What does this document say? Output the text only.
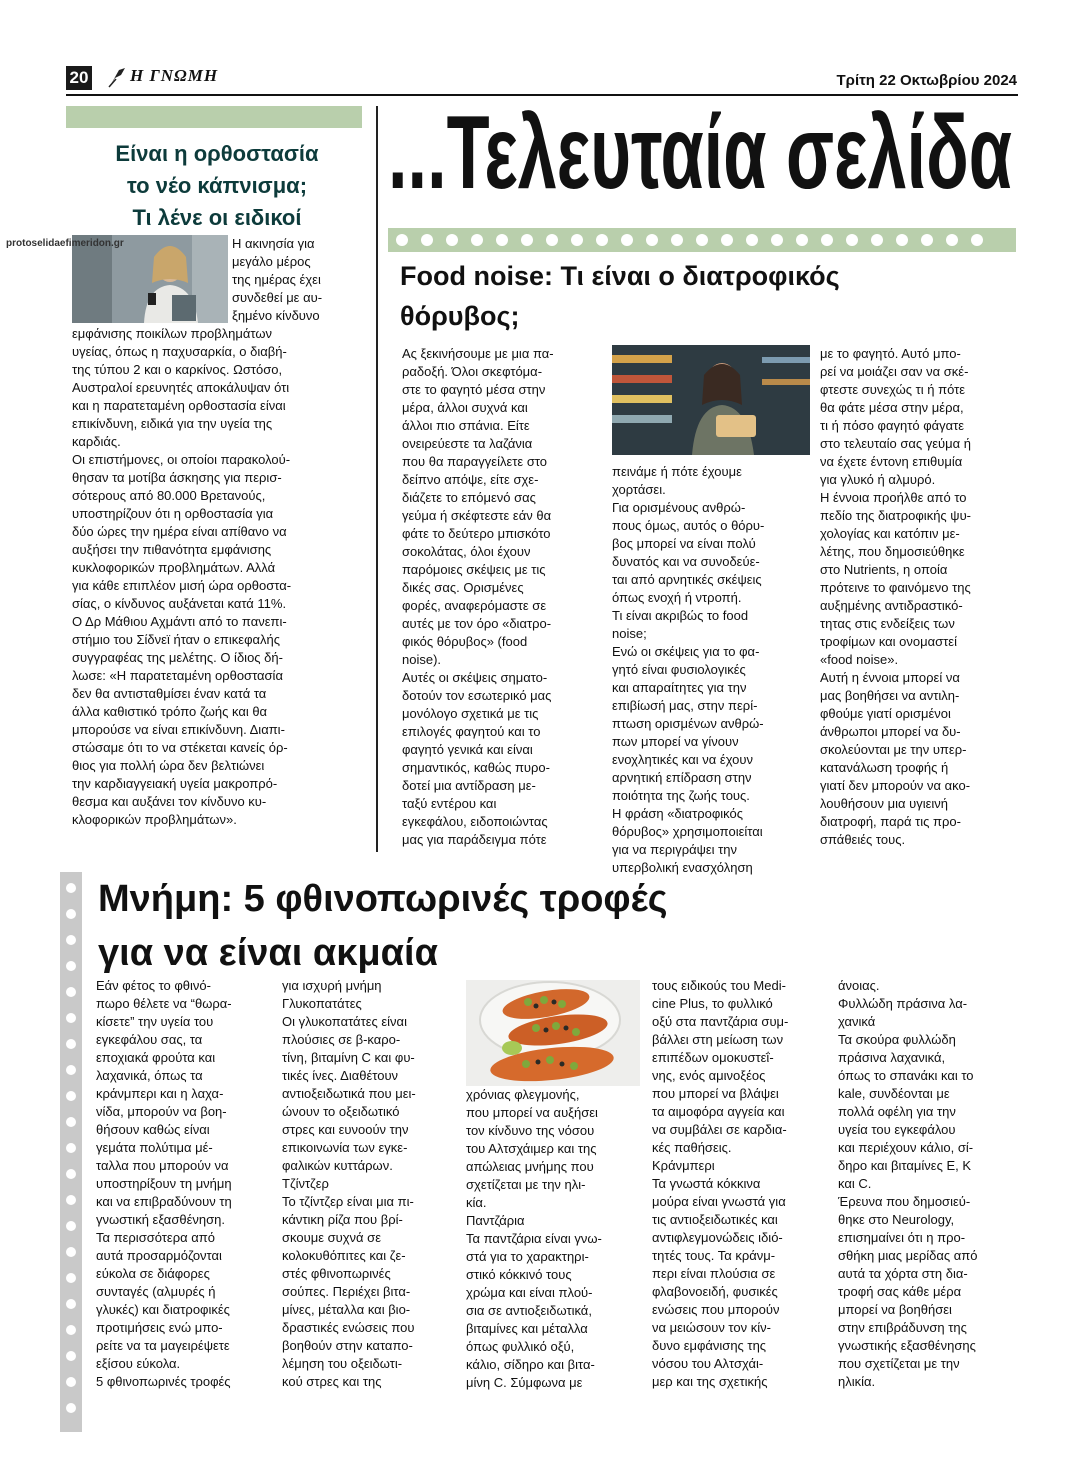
20 Η ΓΝΩΜΗ	Τρίτη 22 Οκτωβρίου 2024
Είναι η ορθοστασία
το νέο κάπνισμα;
Τι λένε οι ειδικοί
protoselidaefimeridon.gr	Η ακινησία για

μεγάλο μέρος

της ημέρας έχει

συνδεθεί με αυ-

ξημένο κίνδυνο

εμφάνισης ποικίλων προβλημάτων

υγείας, όπως η παχυσαρκία, ο διαβή-

της τύπου 2 και ο καρκίνος. Ωστόσο,

Αυστραλοί ερευνητές αποκάλυψαν ότι

και η παρατεταμένη ορθοστασία είναι

επικίνδυνη, ειδικά για την υγεία της

καρδιάς.

Οι επιστήμονες, οι οποίοι παρακολού-

θησαν τα μοτίβα άσκησης για περισ-

σότερους από 80.000 Βρετανούς,

υποστηρίζουν ότι η ορθοστασία για

δύο ώρες την ημέρα είναι απίθανο να

αυξήσει την πιθανότητα εμφάνισης

κυκλοφορικών προβλημάτων. Αλλά

για κάθε επιπλέον μισή ώρα ορθοστα-

σίας, ο κίνδυνος αυξάνεται κατά 11%.

Ο Δρ Μάθιου Αχμάντι από το πανεπι-

στήμιο του Σίδνεϊ ήταν ο επικεφαλής

συγγραφέας της μελέτης. Ο ίδιος δή-

λωσε: «Η παρατεταμένη ορθοστασία

δεν θα αντισταθμίσει έναν κατά τα

άλλα καθιστικό τρόπο ζωής και θα

μπορούσε να είναι επικίνδυνη. Διαπι-

στώσαμε ότι το να στέκεται κανείς όρ-

θιος για πολλή ώρα δεν βελτιώνει

την καρδιαγγειακή υγεία μακροπρό-

θεσμα και αυξάνει τον κίνδυνο κυ-

κλοφορικών προβλημάτων».

...Τελευταία σελίδα
Food noise: Τι είναι ο διατροφικός
θόρυβος;

Ας ξεκινήσουμε με μια πα-

ραδοξή. Όλοι σκεφτόμα-

στε το φαγητό μέσα στην

μέρα, άλλοι συχνά και

άλλοι πιο σπάνια. Είτε

ονειρεύεστε τα λαζάνια

που θα παραγγείλετε στο

δείπνο απόψε, είτε σχε-

διάζετε το επόμενό σας

γεύμα ή σκέφτεστε εάν θα

φάτε το δεύτερο μπισκότο

σοκολάτας, όλοι έχουν

παρόμοιες σκέψεις με τις

δικές σας. Ορισμένες

φορές, αναφερόμαστε σε

αυτές με τον όρο «διατρο-

φικός θόρυβος» (food

noise).

Αυτές οι σκέψεις σηματο-

δοτούν τον εσωτερικό μας

μονόλογο σχετικά με τις

επιλογές φαγητού και το

φαγητό γενικά και είναι

σημαντικός, καθώς πυρο-

δοτεί μια αντίδραση με-

ταξύ εντέρου και

εγκεφάλου, ειδοποιώντας

μας για παράδειγμα πότε

πεινάμε ή πότε έχουμε

χορτάσει.

Για ορισμένους ανθρώ-

πους όμως, αυτός ο θόρυ-

βος μπορεί να είναι πολύ

δυνατός και να συνοδεύε-

ται από αρνητικές σκέψεις

όπως ενοχή ή ντροπή.

Τι είναι ακριβώς το food

noise;

Ενώ οι σκέψεις για το φα-

γητό είναι φυσιολογικές

και απαραίτητες για την

επιβίωσή μας, στην περί-

πτωση ορισμένων ανθρώ-

πων μπορεί να γίνουν

ενοχλητικές και να έχουν

αρνητική επίδραση στην

ποιότητα της ζωής τους.

Η φράση «διατροφικός

θόρυβος» χρησιμοποιείται

για να περιγράψει την

υπερβολική ενασχόληση

με το φαγητό. Αυτό μπο-

ρεί να μοιάζει σαν να σκέ-

φτεστε συνεχώς τι ή πότε

θα φάτε μέσα στην μέρα,

τι ή πόσο φαγητό φάγατε

στο τελευταίο σας γεύμα ή

να έχετε έντονη επιθυμία

για γλυκό ή αλμυρό.

Η έννοια προήλθε από το

πεδίο της διατροφικής ψυ-

χολογίας και κατόπιν με-

λέτης, που δημοσιεύθηκε

στο Nutrients, η οποία

πρότεινε το φαινόμενο της

αυξημένης αντιδραστικό-

τητας στις ενδείξεις των

τροφίμων και ονομαστεί

«food noise».

Αυτή η έννοια μπορεί να

μας βοηθήσει να αντιλη-

φθούμε γιατί ορισμένοι

άνθρωποι μπορεί να δυ-

σκολεύονται με την υπερ-

κατανάλωση τροφής ή

γιατί δεν μπορούν να ακο-

λουθήσουν μια υγιεινή

διατροφή, παρά τις προ-

σπάθειές τους.

Μνήμη: 5 φθινοπωρινές τροφές
για να είναι ακμαία

Εάν φέτος το φθινό-

πωρο θέλετε να “θωρα-

κίσετε” την υγεία του

εγκεφάλου σας, τα

εποχιακά φρούτα και

λαχανικά, όπως τα

κράνμπερι και η λαχα-

νίδα, μπορούν να βοη-

θήσουν καθώς είναι

γεμάτα πολύτιμα μέ-

ταλλα που μπορούν να

υποστηρίξουν τη μνήμη

και να επιβραδύνουν τη

γνωστική εξασθένηση.

Τα περισσότερα από

αυτά προσαρμόζονται

εύκολα σε διάφορες

συνταγές (αλμυρές ή

γλυκές) και διατροφικές

προτιμήσεις ενώ μπο-

ρείτε να τα μαγειρέψετε

εξίσου εύκολα.

5 φθινοπωρινές τροφές

για ισχυρή μνήμη

Γλυκοπατάτες

Οι γλυκοπατάτες είναι

πλούσιες σε β-καρο-

τίνη, βιταμίνη C και φυ-

τικές ίνες. Διαθέτουν

αντιοξειδωτικά που μει-

ώνουν το οξειδωτικό

στρες και ευνοούν την

επικοινωνία των εγκε-

φαλικών κυττάρων.

Τζίντζερ

Το τζίντζερ είναι μια πι-

κάντικη ρίζα που βρί-

σκουμε συχνά σε

κολοκυθόπιτες και ζε-

στές φθινοπωρινές

σούπες. Περιέχει βιτα-

μίνες, μέταλλα και βιο-

δραστικές ενώσεις που

βοηθούν στην καταπο-

λέμηση του οξειδωτι-

κού στρες και της

χρόνιας φλεγμονής,

που μπορεί να αυξήσει

τον κίνδυνο της νόσου

του Αλτσχάιμερ και της

απώλειας μνήμης που

σχετίζεται με την ηλι-

κία.

Παντζάρια

Τα παντζάρια είναι γνω-

στά για το χαρακτηρι-

στικό κόκκινό τους

χρώμα και είναι πλού-

σια σε αντιοξειδωτικά,

βιταμίνες και μέταλλα

όπως φυλλικό οξύ,

κάλιο, σίδηρο και βιτα-

μίνη C. Σύμφωνα με

τους ειδικούς του Medi-

cine Plus, το φυλλικό

οξύ στα παντζάρια συμ-

βάλλει στη μείωση των

επιπέδων ομοκυστεΐ-

νης, ενός αμινοξέος

που μπορεί να βλάψει

τα αιμοφόρα αγγεία και

να συμβάλει σε καρδια-

κές παθήσεις.

Κράνμπερι

Τα γνωστά κόκκινα

μούρα είναι γνωστά για

τις αντιοξειδωτικές και

αντιφλεγμονώδεις ιδιό-

τητές τους. Τα κράνμ-

περι είναι πλούσια σε

φλαβονοειδή, φυσικές

ενώσεις που μπορούν

να μειώσουν τον κίν-

δυνο εμφάνισης της

νόσου του Αλτσχάι-

μερ και της σχετικής

άνοιας.

Φυλλώδη πράσινα λα-

χανικά

Τα σκούρα φυλλώδη

πράσινα λαχανικά,

όπως το σπανάκι και το

kale, συνδέονται με

πολλά οφέλη για την

υγεία του εγκεφάλου

και περιέχουν κάλιο, σί-

δηρο και βιταμίνες Ε, Κ

και C.

Έρευνα που δημοσιεύ-

θηκε στο Neurology,

επισημαίνει ότι η προ-

σθήκη μιας μερίδας από

αυτά τα χόρτα στη δια-

τροφή σας κάθε μέρα

μπορεί να βοηθήσει

στην επιβράδυνση της

γνωστικής εξασθένησης

που σχετίζεται με την

ηλικία.
